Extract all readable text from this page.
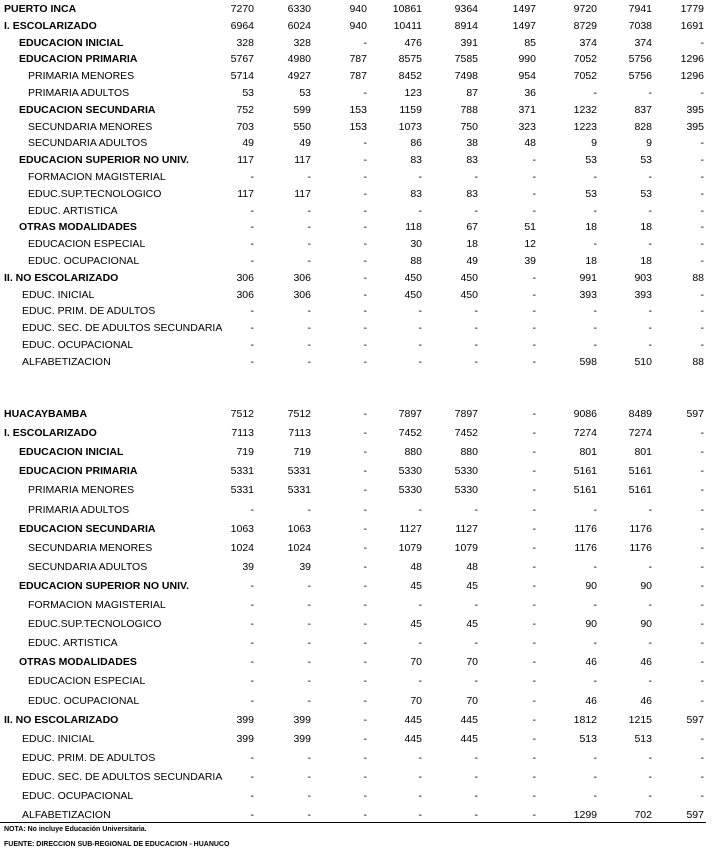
PUERTO INCA	7270	6330	940	10861	9364	1497	9720	7941	1779
I. ESCOLARIZADO	6964	6024	940	10411	8914	1497	8729	7038	1691
EDUCACION INICIAL	328	328	-	476	391	85	374	374	-
EDUCACION PRIMARIA	5767	4980	787	8575	7585	990	7052	5756	1296
PRIMARIA MENORES	5714	4927	787	8452	7498	954	7052	5756	1296
PRIMARIA ADULTOS	53	53	-	123	87	36	-	-	-
EDUCACION SECUNDARIA	752	599	153	1159	788	371	1232	837	395
SECUNDARIA MENORES	703	550	153	1073	750	323	1223	828	395
SECUNDARIA ADULTOS	49	49	-	86	38	48	9	9	-
EDUCACION SUPERIOR NO UNIV.	117	117	-	83	83	-	53	53	-
FORMACION MAGISTERIAL	-	-	-	-	-	-	-	-	-
EDUC.SUP.TECNOLOGICO	117	117	-	83	83	-	53	53	-
EDUC. ARTISTICA	-	-	-	-	-	-	-	-	-
OTRAS MODALIDADES	-	-	-	118	67	51	18	18	-
EDUCACION ESPECIAL	-	-	-	30	18	12	-	-	-
EDUC. OCUPACIONAL	-	-	-	88	49	39	18	18	-
II. NO ESCOLARIZADO	306	306	-	450	450	-	991	903	88
EDUC. INICIAL	306	306	-	450	450	-	393	393	-
EDUC. PRIM. DE ADULTOS	-	-	-	-	-	-	-	-	-
EDUC. SEC. DE ADULTOS SECUNDARIA	-	-	-	-	-	-	-	-	-
EDUC. OCUPACIONAL	-	-	-	-	-	-	-	-	-
ALFABETIZACION	-	-	-	-	-	-	598	510	88
HUACAYBAMBA	7512	7512	-	7897	7897	-	9086	8489	597
I. ESCOLARIZADO	7113	7113	-	7452	7452	-	7274	7274	-
EDUCACION INICIAL	719	719	-	880	880	-	801	801	-
EDUCACION PRIMARIA	5331	5331	-	5330	5330	-	5161	5161	-
PRIMARIA MENORES	5331	5331	-	5330	5330	-	5161	5161	-
PRIMARIA ADULTOS	-	-	-	-	-	-	-	-	-
EDUCACION SECUNDARIA	1063	1063	-	1127	1127	-	1176	1176	-
SECUNDARIA MENORES	1024	1024	-	1079	1079	-	1176	1176	-
SECUNDARIA ADULTOS	39	39	-	48	48	-	-	-	-
EDUCACION SUPERIOR NO UNIV.	-	-	-	45	45	-	90	90	-
FORMACION MAGISTERIAL	-	-	-	-	-	-	-	-	-
EDUC.SUP.TECNOLOGICO	-	-	-	45	45	-	90	90	-
EDUC. ARTISTICA	-	-	-	-	-	-	-	-	-
OTRAS MODALIDADES	-	-	-	70	70	-	46	46	-
EDUCACION ESPECIAL	-	-	-	-	-	-	-	-	-
EDUC. OCUPACIONAL	-	-	-	70	70	-	46	46	-
II. NO ESCOLARIZADO	399	399	-	445	445	-	1812	1215	597
EDUC. INICIAL	399	399	-	445	445	-	513	513	-
EDUC. PRIM. DE ADULTOS	-	-	-	-	-	-	-	-	-
EDUC. SEC. DE ADULTOS SECUNDARIA	-	-	-	-	-	-	-	-	-
EDUC. OCUPACIONAL	-	-	-	-	-	-	-	-	-
ALFABETIZACION	-	-	-	-	-	-	1299	702	597
NOTA: No incluye Educación Universitaria.
FUENTE: DIRECCION SUB-REGIONAL DE EDUCACION - HUANUCO
